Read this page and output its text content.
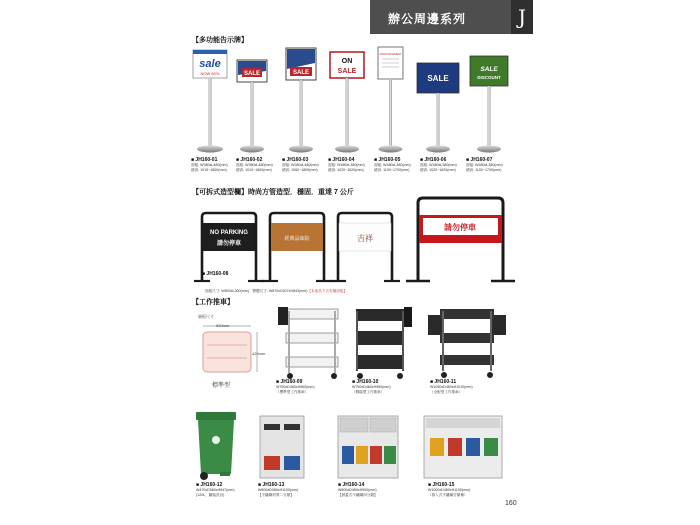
辦公周邊系列	J
【多功能告示牌】
sale
NOW 60%	SALE	SALE
ON
SALE
ANNOUNCEMENT
SALE
SALE
DISCOUNT
■ JH160-01
面板: W380xL480(mm)
總高: 1015~1800(mm)
■ JH160-02
面板: W380xL480(mm)
總高: 1010~1800(mm)
■ JH160-03
面板: W380xL480(mm)
總高: 1060~1800(mm)
■ JH160-04
面板: W480xL380(mm)
總高: 1020~1620(mm)
■ JH160-05
面板: W480xL380(mm)
總高: 1100~1700(mm)
■ JH160-06
面板: W480xL380(mm)
總高: 1020~1620(mm)
■ JH160-07
面板: W480xL380(mm)
總高: 1100~1700(mm)
【可拆式造型欄】時尚方管造型．穩固．重達 7 公斤
NO PARKING
請勿停車
經典品味院	吉祥
請勿停車
■ JH160-08
面板尺寸: W800xL300(mm)　整體尺寸: W870xD407xH843(mm)【本產品不含布圖面板】
【工作推車】
層板尺寸
530mm
424mm
標準型
■ JH160-09
W750xD460xH960(mm)
（標準型工作推車）
■ JH160-10
W750xD460xH960(mm)
（側擋型工作推車）
■ JH160-11
W1090xD460xH1010(mm)
（全配型工作推車）
■ JH160-12
W470xD560xH947(mm)
(120L，腳踏設計)
■ JH160-13
W600xD380xH1100(mm)
【不鏽鋼材質二分類】
■ JH160-14
W800xD450xH900(mm)
【掀蓋式不鏽鋼四分類】
■ JH160-15
W1000xD450xH1100(mm)
（推入式不鏽鋼分類桶）
160
